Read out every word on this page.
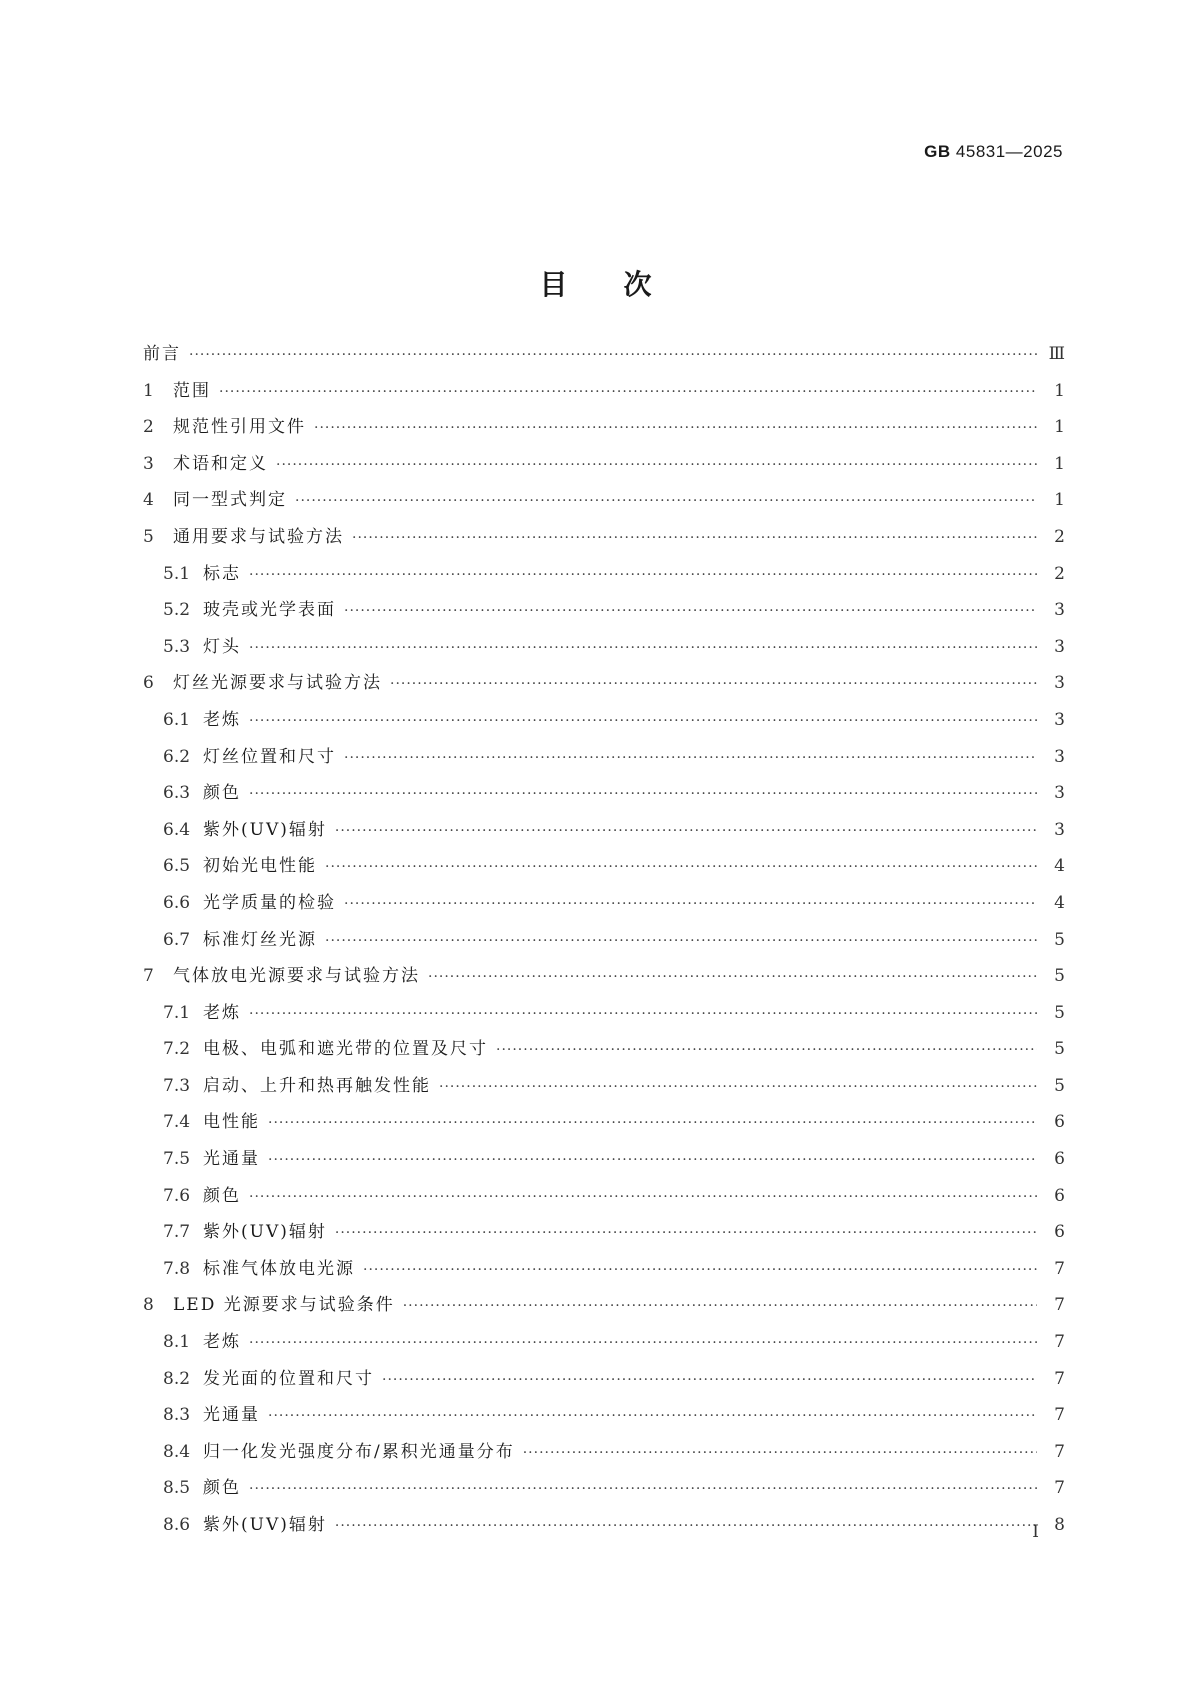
GB 45831—2025
目次
前言 ·····	Ⅲ
1	范围 ·····	1
2	规范性引用文件 ·····	1
3	术语和定义 ·····	1
4	同一型式判定 ·····	1
5	通用要求与试验方法 ·····	2
5.1 标志 ·····	2
5.2 玻壳或光学表面 ·····	3
5.3 灯头 ·····	3
6	灯丝光源要求与试验方法 ·····	3
6.1 老炼 ·····	3
6.2 灯丝位置和尺寸 ·····	3
6.3 颜色 ·····	3
6.4 紫外(UV)辐射 ·····	3
6.5 初始光电性能 ·····	4
6.6 光学质量的检验 ·····	4
6.7 标准灯丝光源 ·····	5
7	气体放电光源要求与试验方法 ·····	5
7.1 老炼 ·····	5
7.2 电极、电弧和遮光带的位置及尺寸 ·····	5
7.3 启动、上升和热再触发性能 ·····	5
7.4 电性能 ·····	6
7.5 光通量 ·····	6
7.6 颜色 ·····	6
7.7 紫外(UV)辐射 ·····	6
7.8 标准气体放电光源 ·····	7
8	LED 光源要求与试验条件 ·····	7
8.1 老炼 ·····	7
8.2 发光面的位置和尺寸 ·····	7
8.3 光通量 ·····	7
8.4 归一化发光强度分布/累积光通量分布 ·····	7
8.5 颜色 ·····	7
8.6 紫外(UV)辐射 ·····	8
Ⅰ
